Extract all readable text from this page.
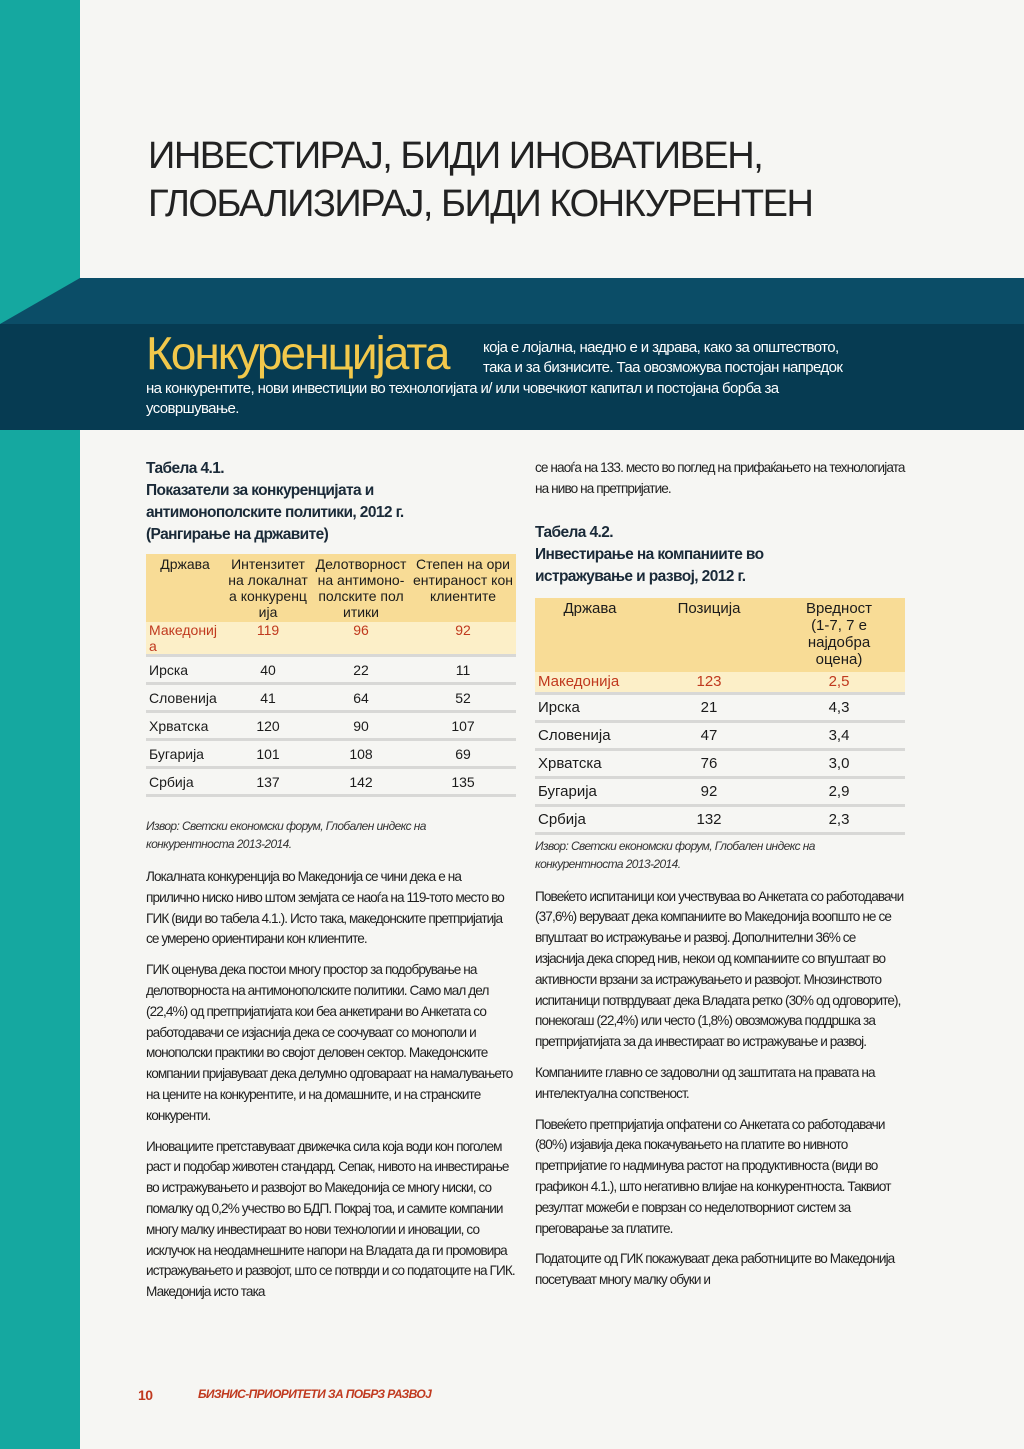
ИНВЕСТИРАЈ, БИДИ ИНОВАТИВЕН,
ГЛОБАЛИЗИРАЈ, БИДИ КОНКУРЕНТЕН
Конкуренцијата која е лојална, наедно е и здрава, како за општеството,
така и за бизнисите. Таа овозможува постојан напредок
на конкурентите, нови инвестиции во технологијата и/ или човечкиот капитал и постојана борба за
усовршување.
Табела 4.1.
Показатели за конкуренцијата и
антимонополските политики, 2012 г.
(Рангирање на државите)
Држава	Интензитет на локалната конкуренција	Делотворност на антимоно-полските политики	Степен на ориентираност кон клиентите
Македонија	119	96	92
Ирска	40	22	11
Словенија	41	64	52
Хрватска	120	90	107
Бугарија	101	108	69
Србија	137	142	135
Извор: Светски економски форум, Глобален индекс на
конкурентноста 2013-2014.

Локалната конкуренција во Македонија се чини дека е на прилично ниско ниво штом земјата се наоѓа на 119-тото место во ГИК (види во табела 4.1.). Исто така, македонските претпријатија се умерено ориентирани кон клиентите.

ГИК оценува дека постои многу простор за подобрување на делотворноста на антимонополските политики. Само мал дел (22,4%) од претпријатијата кои беа анкетирани во Анкетата со работодавачи се изјаснија дека се соочуваат со монополи и монополски практики во својот деловен сектор. Македонските компании пријавуваат дека делумно одговараат на намалувањето на цените на конкурентите, и на домашните, и на странските конкуренти.

Иновациите претставуваат движечка сила која води кон поголем раст и подобар животен стандард. Сепак, нивото на инвестирање во истражувањето и развојот во Македонија се многу ниски, со помалку од 0,2% учество во БДП. Покрај тоа, и самите компании многу малку инвестираат во нови технологии и иновации, со исклучок на неодамнешните напори на Владата да ги промовира истражувањето и развојот, што се потврди и со податоците на ГИК. Македонија исто така

се наоѓа на 133. место во поглед на прифаќањето на технологијата на ниво на претпријатие.

Табела 4.2.
Инвестирање на компаниите во
истражување и развој, 2012 г.
Држава	Позиција	Вредност (1-7, 7 е најдобра оцена)
Македонија	123	2,5
Ирска	21	4,3
Словенија	47	3,4
Хрватска	76	3,0
Бугарија	92	2,9
Србија	132	2,3
Извор: Светски економски форум, Глобален индекс на
конкурентноста 2013-2014.

Повеќето испитаници кои учествуваа во Анкетата со работодавачи (37,6%) веруваат дека компаниите во Македонија воопшто не се впуштаат во истражување и развој. Дополнителни 36% се изјаснија дека според нив, некои од компаниите со впуштаат во активности врзани за истражувањето и развојот. Мнозинството испитаници потврдуваат дека Владата ретко (30% од одговорите), понекогаш (22,4%) или често (1,8%) овозможува поддршка за претпријатијата за да инвестираат во истражување и развој.

Компаниите главно се задоволни од заштитата на правата на интелектуална сопственост.

Повеќето претпријатија опфатени со Анкетата со работодавачи (80%) изјавија дека покачувањето на платите во нивното претпријатие го надминува растот на продуктивноста (види во графикон 4.1.), што негативно влијае на конкурентноста. Таквиот резултат можеби е поврзан со неделотворниот систем за преговарање за платите.

Податоците од ГИК покажуваат дека работниците во Македонија посетуваат многу малку обуки и

10	БИЗНИС-ПРИОРИТЕТИ ЗА ПОБРЗ РАЗВОЈ
